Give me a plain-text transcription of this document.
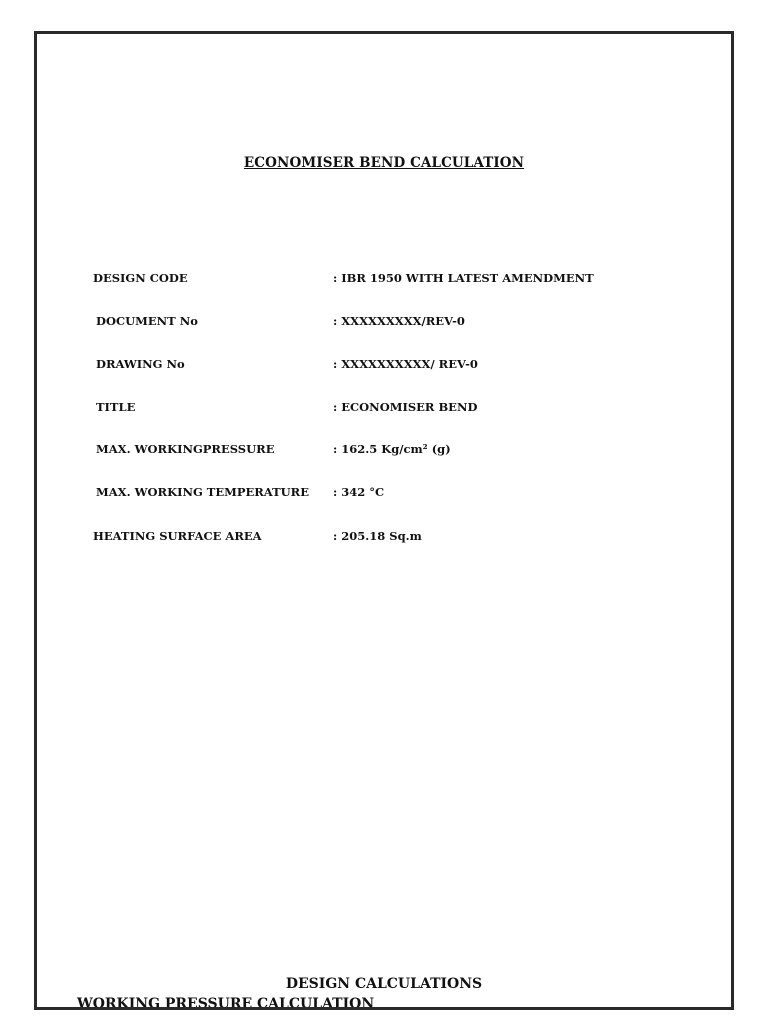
ECONOMISER BEND CALCULATION
DESIGN CODE	: IBR 1950 WITH LATEST AMENDMENT
DOCUMENT No	: XXXXXXXXX/REV-0
DRAWING No	: XXXXXXXXXX/ REV-0
TITLE	: ECONOMISER BEND
MAX. WORKINGPRESSURE	: 162.5 Kg/cm² (g)
MAX. WORKING TEMPERATURE : 342 °C
HEATING SURFACE AREA	: 205.18 Sq.m
DESIGN CALCULATIONS
WORKING PRESSURE CALCULATION
